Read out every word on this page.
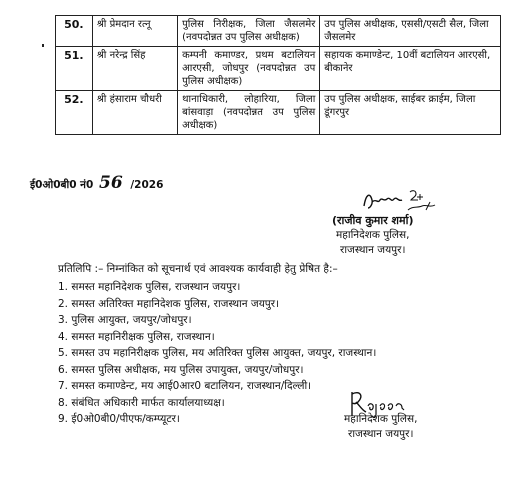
50.	श्री प्रेमदान रत्नू	पुलिस निरीक्षक, जिला जैसलमेर (नवपदोन्नत उप पुलिस अधीक्षक)	उप पुलिस अधीक्षक, एससी/एसटी सैल, जिला जैसलमेर
51.	श्री नरेन्द्र सिंह	कम्पनी कमाण्डर, प्रथम बटालियन आरएसी, जोधपुर (नवपदोन्नत उप पुलिस अधीक्षक)	सहायक कमाण्डेन्ट, 10वीं बटालियन आरएसी, बीकानेर
52.	श्री हंसाराम चौधरी	थानाधिकारी, लोहारिया, जिला बांसवाड़ा (नवपदोन्नत उप पुलिस अधीक्षक)	उप पुलिस अधीक्षक, साईबर क्राईम, जिला डूंगरपुर
ई0ओ0बी0 नं0 56 /2026
(राजीव कुमार शर्मा)
महानिदेशक पुलिस,
राजस्थान जयपुर।
प्रतिलिपि :– निम्नांकित को सूचनार्थ एवं आवश्यक कार्यवाही हेतु प्रेषित है:–
1. समस्त महानिदेशक पुलिस, राजस्थान जयपुर।
2. समस्त अतिरिक्त महानिदेशक पुलिस, राजस्थान जयपुर।
3. पुलिस आयुक्त, जयपुर/जोधपुर।
4. समस्त महानिरीक्षक पुलिस, राजस्थान।
5. समस्त उप महानिरीक्षक पुलिस, मय अतिरिक्त पुलिस आयुक्त, जयपुर, राजस्थान।
6. समस्त पुलिस अधीक्षक, मय पुलिस उपायुक्त, जयपुर/जोधपुर।
7. समस्त कमाण्डेन्ट, मय आई0आर0 बटालियन, राजस्थान/दिल्ली।
8. संबंधित अधिकारी मार्फत कार्यालयाध्यक्ष।
9. ई0ओ0बी0/पीएफ/कम्प्यूटर।	महानिदेशक पुलिस,
राजस्थान जयपुर।
